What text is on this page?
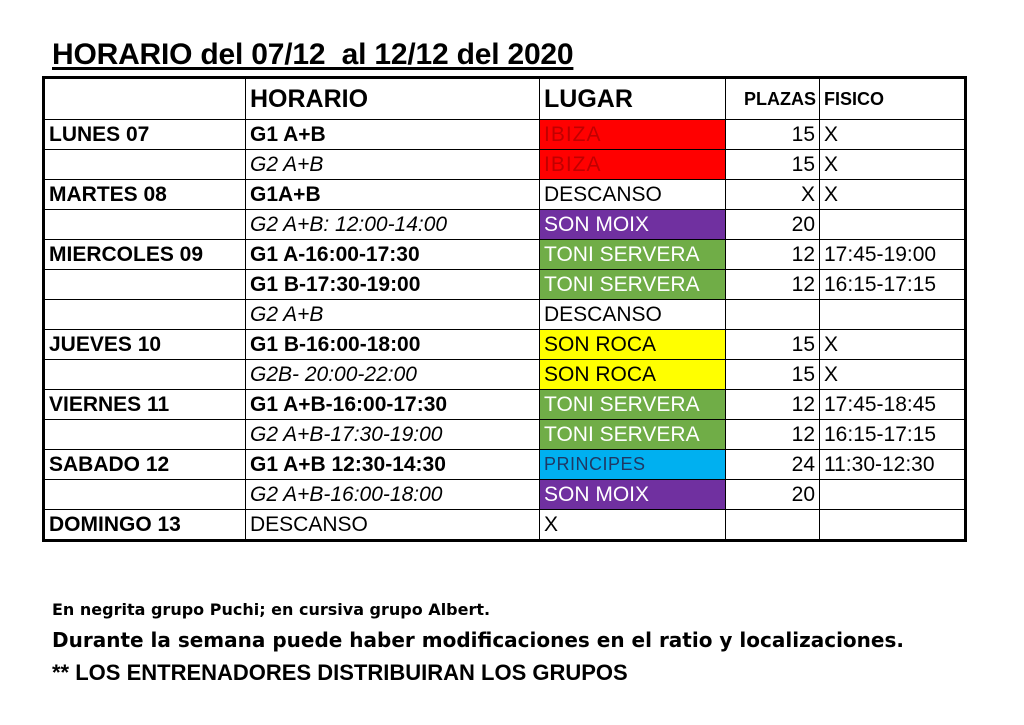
HORARIO del 07/12  al 12/12 del 2020
	HORARIO	LUGAR	PLAZAS	FISICO
LUNES 07	G1 A+B	IBIZA	15	X
	G2 A+B	IBIZA	15	X
MARTES 08	G1A+B	DESCANSO	X	X
	G2 A+B: 12:00-14:00	SON MOIX	20	
MIERCOLES 09	G1 A-16:00-17:30	TONI SERVERA	12	17:45-19:00
	G1 B-17:30-19:00	TONI SERVERA	12	16:15-17:15
	G2 A+B	DESCANSO		
JUEVES 10	G1 B-16:00-18:00	SON ROCA	15	X
	G2B- 20:00-22:00	SON ROCA	15	X
VIERNES 11	G1 A+B-16:00-17:30	TONI SERVERA	12	17:45-18:45
	G2 A+B-17:30-19:00	TONI SERVERA	12	16:15-17:15
SABADO 12	G1 A+B 12:30-14:30	PRINCIPES	24	11:30-12:30
	G2 A+B-16:00-18:00	SON MOIX	20	
DOMINGO 13	DESCANSO	X		
En negrita grupo Puchi; en cursiva grupo Albert.
Durante la semana puede haber modificaciones en el ratio y localizaciones.
** LOS ENTRENADORES DISTRIBUIRAN LOS GRUPOS
